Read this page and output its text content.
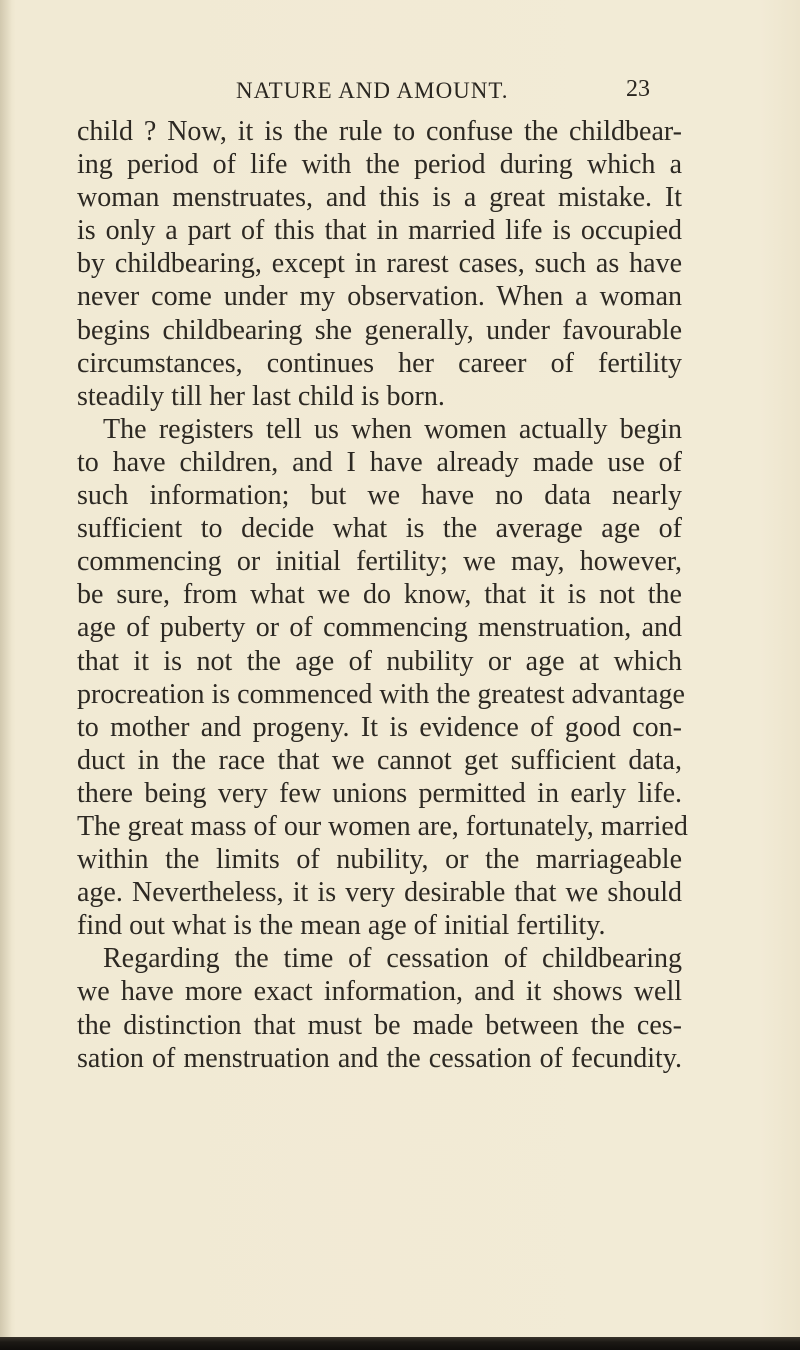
NATURE AND AMOUNT.	23
child ? Now, it is the rule to confuse the childbear-
ing period of life with the period during which a
woman menstruates, and this is a great mistake. It
is only a part of this that in married life is occupied
by childbearing, except in rarest cases, such as have
never come under my observation. When a woman
begins childbearing she generally, under favourable
circumstances, continues her career of fertility
steadily till her last child is born.
The registers tell us when women actually begin
to have children, and I have already made use of
such information; but we have no data nearly
sufficient to decide what is the average age of
commencing or initial fertility; we may, however,
be sure, from what we do know, that it is not the
age of puberty or of commencing menstruation, and
that it is not the age of nubility or age at which
procreation is commenced with the greatest advantage
to mother and progeny. It is evidence of good con-
duct in the race that we cannot get sufficient data,
there being very few unions permitted in early life.
The great mass of our women are, fortunately, married
within the limits of nubility, or the marriageable
age. Nevertheless, it is very desirable that we should
find out what is the mean age of initial fertility.
Regarding the time of cessation of childbearing
we have more exact information, and it shows well
the distinction that must be made between the ces-
sation of menstruation and the cessation of fecundity.
